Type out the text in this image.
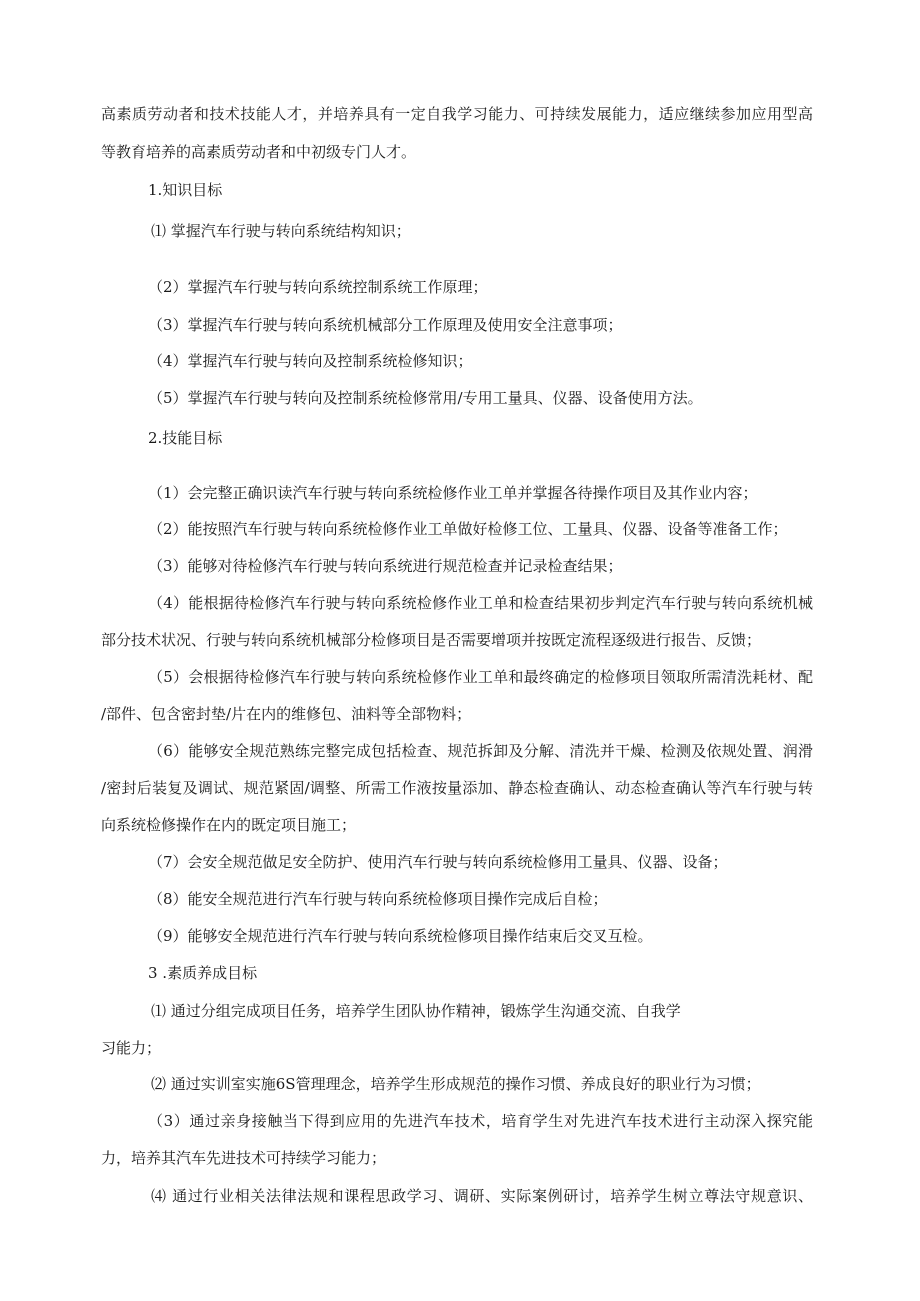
高素质劳动者和技术技能人才，并培养具有一定自我学习能力、可持续发展能力，适应继续参加应用型高
等教育培养的高素质劳动者和中初级专门人才。
1.知识目标
⑴ 掌握汽车行驶与转向系统结构知识；
（2）掌握汽车行驶与转向系统控制系统工作原理；
（3）掌握汽车行驶与转向系统机械部分工作原理及使用安全注意事项；
（4）掌握汽车行驶与转向及控制系统检修知识；
（5）掌握汽车行驶与转向及控制系统检修常用/专用工量具、仪器、设备使用方法。
2.技能目标
（1）会完整正确识读汽车行驶与转向系统检修作业工单并掌握各待操作项目及其作业内容；
（2）能按照汽车行驶与转向系统检修作业工单做好检修工位、工量具、仪器、设备等准备工作；
（3）能够对待检修汽车行驶与转向系统进行规范检查并记录检查结果；
（4）能根据待检修汽车行驶与转向系统检修作业工单和检查结果初步判定汽车行驶与转向系统机械
部分技术状况、行驶与转向系统机械部分检修项目是否需要增项并按既定流程逐级进行报告、反馈；
（5）会根据待检修汽车行驶与转向系统检修作业工单和最终确定的检修项目领取所需清洗耗材、配
/部件、包含密封垫/片在内的维修包、油料等全部物料；
（6）能够安全规范熟练完整完成包括检查、规范拆卸及分解、清洗并干燥、检测及依规处置、润滑
/密封后装复及调试、规范紧固/调整、所需工作液按量添加、静态检查确认、动态检查确认等汽车行驶与转
向系统检修操作在内的既定项目施工；
（7）会安全规范做足安全防护、使用汽车行驶与转向系统检修用工量具、仪器、设备；
（8）能安全规范进行汽车行驶与转向系统检修项目操作完成后自检；
（9）能够安全规范进行汽车行驶与转向系统检修项目操作结束后交叉互检。
3 .素质养成目标
⑴ 通过分组完成项目任务，培养学生团队协作精神，锻炼学生沟通交流、自我学
习能力；
⑵ 通过实训室实施6S管理理念，培养学生形成规范的操作习惯、养成良好的职业行为习惯；
（3）通过亲身接触当下得到应用的先进汽车技术，培育学生对先进汽车技术进行主动深入探究能
力，培养其汽车先进技术可持续学习能力；
⑷ 通过行业相关法律法规和课程思政学习、调研、实际案例研讨，培养学生树立尊法守规意识、
